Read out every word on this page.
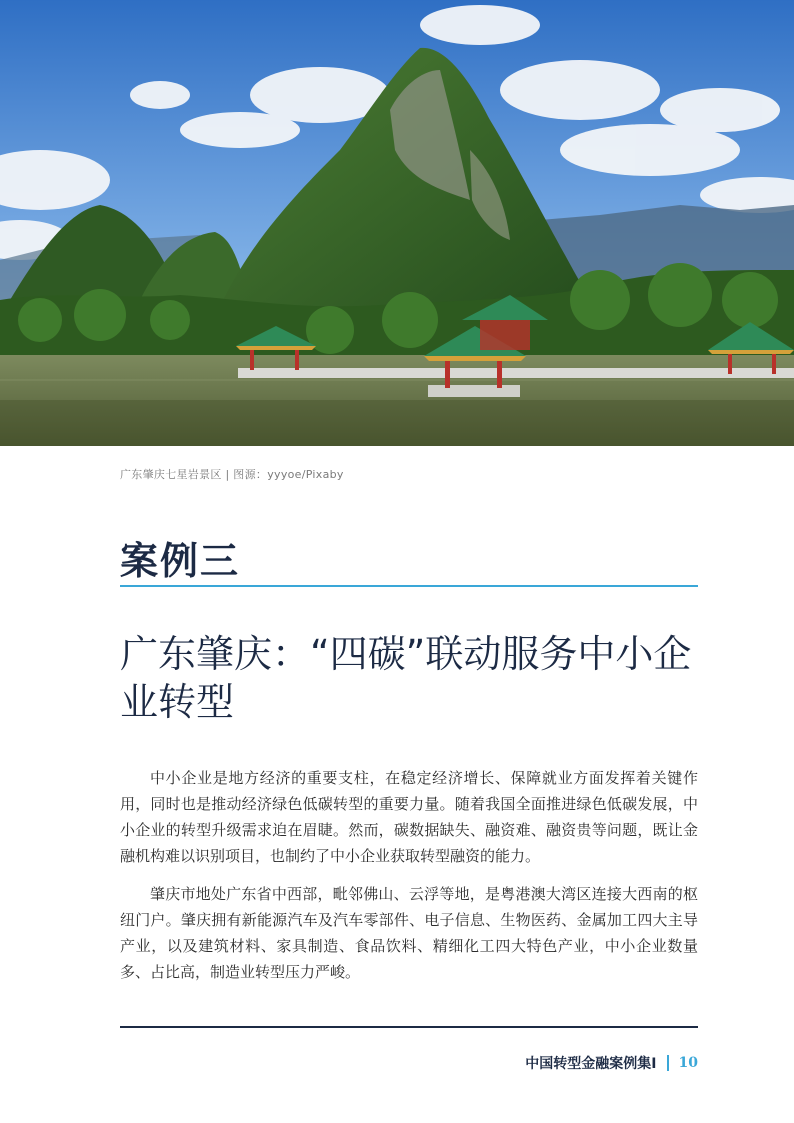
广东肇庆七星岩景区 | 图源：yyyoe/Pixaby
案例三
广东肇庆：“四碳”联动服务中小企业转型

中小企业是地方经济的重要支柱，在稳定经济增长、保障就业方面发挥着关键作用，同时也是推动经济绿色低碳转型的重要力量。随着我国全面推进绿色低碳发展，中小企业的转型升级需求迫在眉睫。然而，碳数据缺失、融资难、融资贵等问题，既让金融机构难以识别项目，也制约了中小企业获取转型融资的能力。

肇庆市地处广东省中西部，毗邻佛山、云浮等地，是粤港澳大湾区连接大西南的枢纽门户。肇庆拥有新能源汽车及汽车零部件、电子信息、生物医药、金属加工四大主导产业，以及建筑材料、家具制造、食品饮料、精细化工四大特色产业，中小企业数量多、占比高，制造业转型压力严峻。

中国转型金融案例集Ⅰ 10
